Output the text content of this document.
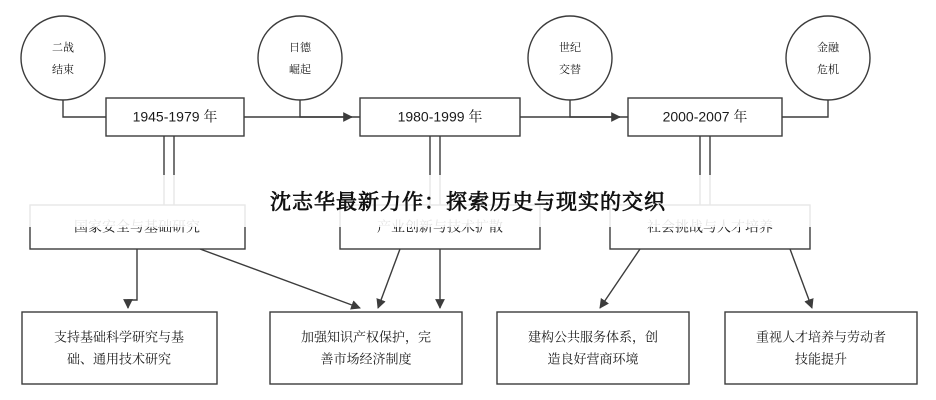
二战
结束
日德
崛起
世纪
交替
金融
危机
1945-1979 年	1980-1999 年	2000-2007 年
支持基础科学研究与基
础、通用技术研究
加强知识产权保护，完
善市场经济制度
建构公共服务体系，创
造良好营商环境
重视人才培养与劳动者
技能提升
沈志华最新力作：探索历史与现实的交织
